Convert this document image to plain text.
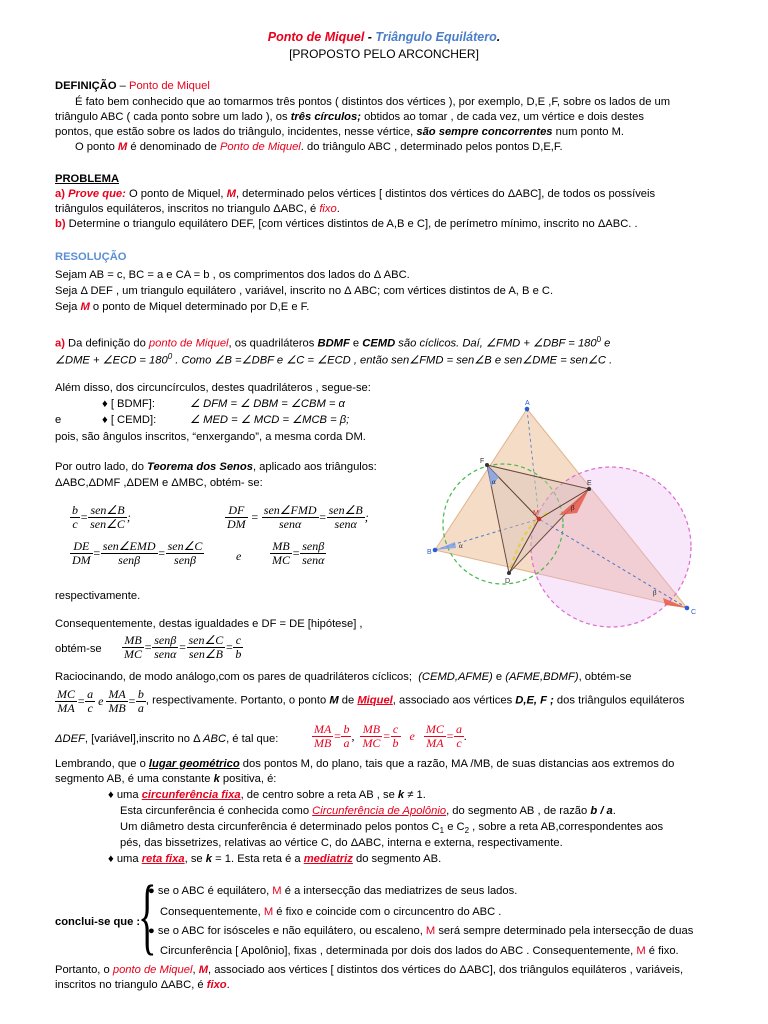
Ponto de Miquel - Triângulo Equilátero.
[PROPOSTO PELO ARCONCHER]
DEFINIÇÃO – Ponto de Miquel
É fato bem conhecido que ao tomarmos três pontos ( distintos dos vértices ), por exemplo, D,E ,F, sobre os lados de um
triângulo ABC ( cada ponto sobre um lado ), os três círculos; obtidos ao tomar , de cada vez, um vértice e dois destes
pontos, que estão sobre os lados do triângulo, incidentes, nesse vértice, são sempre concorrentes num ponto M.
O ponto M é denominado de Ponto de Miquel. do triângulo ABC , determinado pelos pontos D,E,F.
PROBLEMA
a) Prove que: O ponto de Miquel, M, determinado pelos vértices [ distintos dos vértices do ΔABC], de todos os possíveis
triângulos equiláteros, inscritos no triangulo ΔABC, é fixo.
b) Determine o triangulo equilátero DEF, [com vértices distintos de A,B e C], de perímetro mínimo, inscrito no ΔABC. .
RESOLUÇÃO
Sejam AB = c, BC = a e CA = b , os comprimentos dos lados do Δ ABC.
Seja Δ DEF , um triangulo equilátero , variável, inscrito no Δ ABC; com vértices distintos de A, B e C.
Seja M o ponto de Miquel determinado por D,E e F.
a) Da definição do ponto de Miquel, os quadriláteros BDMF e CEMD são cíclicos. Daí, ∠FMD + ∠DBF = $180^0$ e
∠DME + ∠ECD = $180^0$ . Como ∠B =∠DBF e ∠C = ∠ECD , então sen∠FMD = sen∠B e sen∠DME = sen∠C .
Além disso, dos circuncírculos, destes quadriláteros , segue-se:
♦ [ BDMF]:	∠ DFM = ∠ DBM = ∠CBM = α
e	♦ [ CEMD]:	∠ MED = ∠ MCD = ∠MCB = β;
pois, são ângulos inscritos, “enxergando”, a mesma corda DM.
Por outro lado, do Teorema dos Senos, aplicado aos triângulos:
ΔABC,ΔDMF ,ΔDEM e ΔMBC, obtém- se:
$\frac{b}{c} = \frac{\text{sen∠B}}{\text{sen∠C}}$ ;	$\frac{DF}{DM} = \frac{\text{sen∠FMD}}{\text{senα}} = \frac{\text{sen∠B}}{\text{senα}}$ ;
$\frac{DE}{DM} = \frac{\text{sen∠EMD}}{\text{senβ}} = \frac{\text{sen∠C}}{\text{senβ}}$	e $\frac{MB}{MC} = \frac{\text{senβ}}{\text{senα}}$
respectivamente.
Consequentemente, destas igualdades e DF = DE [hipótese] ,
obtém-se $\frac{MB}{MC} = \frac{\text{senβ}}{\text{senα}} = \frac{\text{sen∠C}}{\text{sen∠B}} = \frac{c}{b}$
Raciocinando, de modo análogo,com os pares de quadriláteros cíclicos; (CEMD,AFME) e (AFME,BDMF), obtém-se
$\frac{MC}{MA} = \frac{a}{c}$ e $\frac{MA}{MB} = \frac{b}{a}$ , respectivamente. Portanto, o ponto M de Miquel, associado aos vértices D,E, F ; dos triângulos equiláteros
ΔDEF, [variável],inscrito no Δ ABC, é tal que:	$\frac{MA}{MB} = \frac{b}{a}$ , $\frac{MB}{MC} = \frac{c}{b}$ e $\frac{MC}{MA} = \frac{a}{c}$ .
Lembrando, que o lugar geométrico dos pontos M, do plano, tais que a razão, MA /MB, de suas distancias aos extremos do
segmento AB, é uma constante k positiva, é:
♦ uma circunferência fixa, de centro sobre a reta AB , se k ≠ 1.
Esta circunferência é conhecida como Circunferência de Apolônio, do segmento AB , de razão b / a.
Um diâmetro desta circunferência é determinado pelos pontos $C_1$ e $C_2$ , sobre a reta AB,correspondentes aos
pés, das bissetrizes, relativas ao vértice C, do ΔABC, interna e externa, respectivamente.
♦ uma reta fixa, se k = 1. Esta reta é a mediatriz do segmento AB.
conclui-se que :
{
● se o ABC é equilátero, M é a intersecção das mediatrizes de seus lados.
Consequentemente, M é fixo e coincide com o circuncentro do ABC .
● se o ABC for isósceles e não equilátero, ou escaleno, M será sempre determinado pela intersecção de duas
Circunferência [ Apolônio], fixas , determinada por dois dos lados do ABC . Consequentemente, M é fixo.
Portanto, o ponto de Miquel, M, associado aos vértices [ distintos dos vértices do ΔABC], dos triângulos equiláteros , variáveis,
inscritos no triangulo ΔABC, é fixo.
A
B
C
D
E
F
M
α
α
β
β
